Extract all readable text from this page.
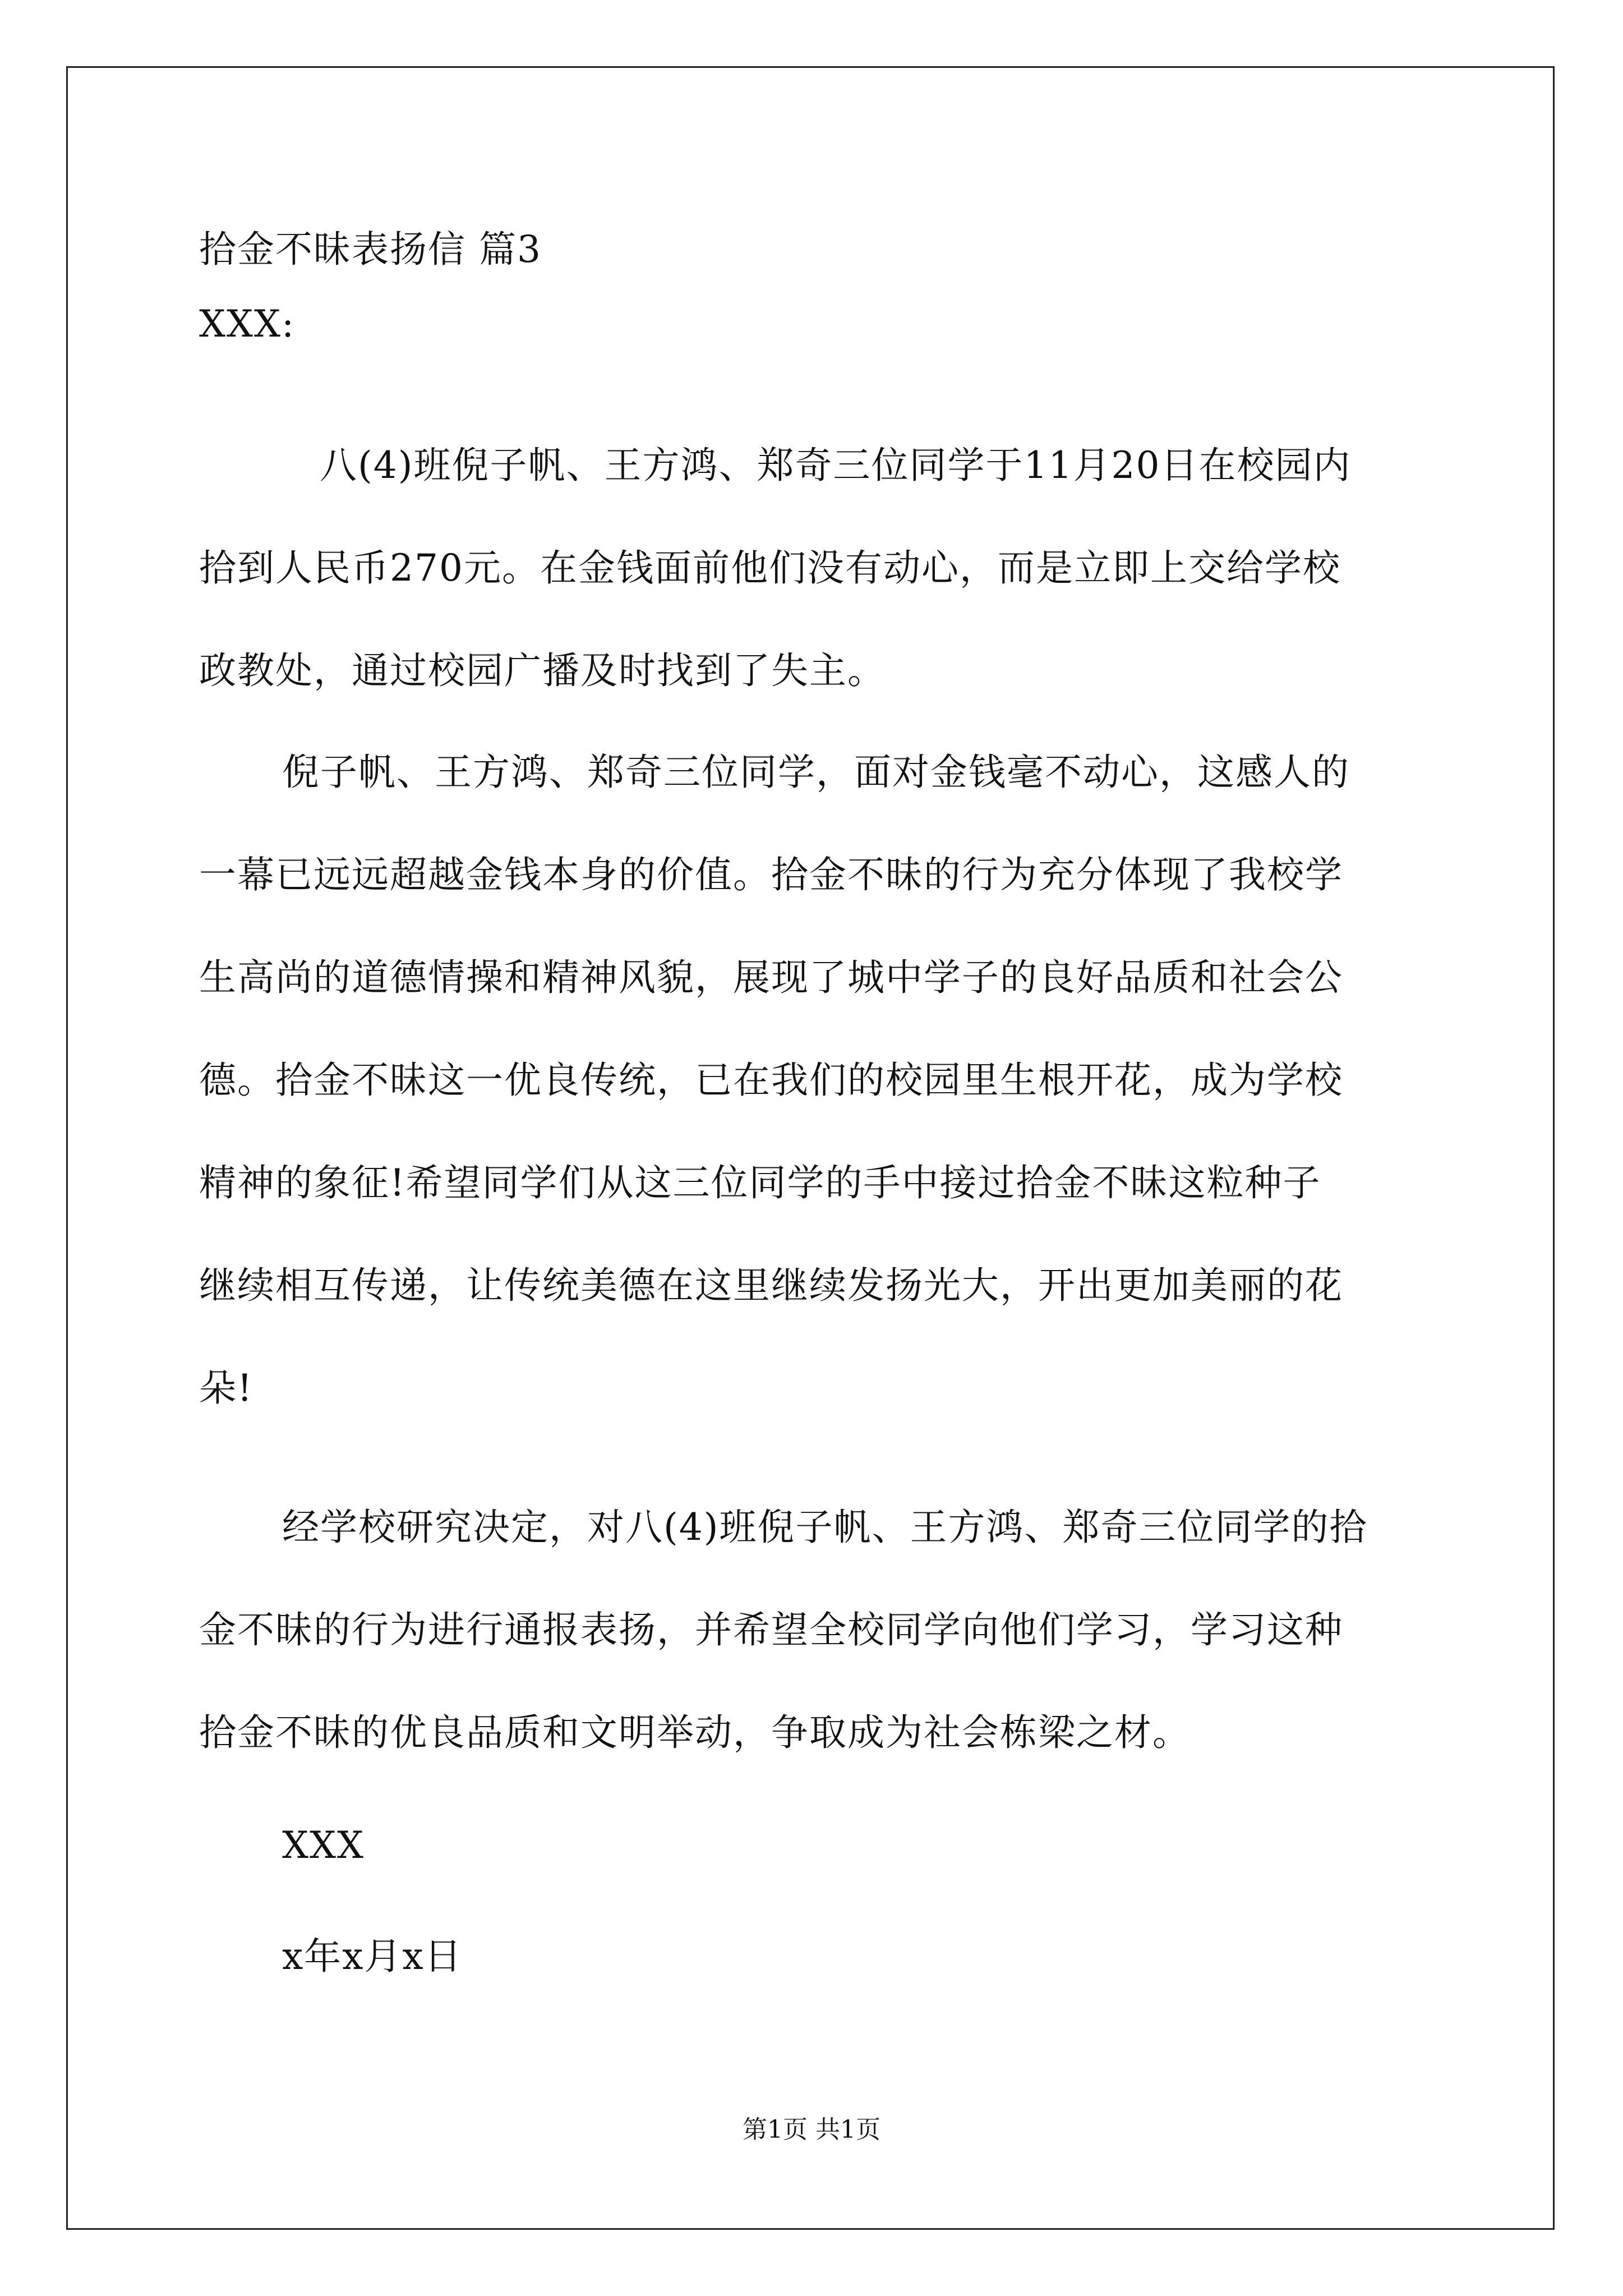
拾金不昧表扬信 篇3
XXX:
八(4)班倪子帆、王方鸿、郑奇三位同学于11月20日在校园内
拾到人民币270元。在金钱面前他们没有动心，而是立即上交给学校
政教处，通过校园广播及时找到了失主。
倪子帆、王方鸿、郑奇三位同学，面对金钱毫不动心，这感人的
一幕已远远超越金钱本身的价值。拾金不昧的行为充分体现了我校学
生高尚的道德情操和精神风貌，展现了城中学子的良好品质和社会公
德。拾金不昧这一优良传统，已在我们的校园里生根开花，成为学校
精神的象征!希望同学们从这三位同学的手中接过拾金不昧这粒种子
继续相互传递，让传统美德在这里继续发扬光大，开出更加美丽的花
朵!
经学校研究决定，对八(4)班倪子帆、王方鸿、郑奇三位同学的拾
金不昧的行为进行通报表扬，并希望全校同学向他们学习，学习这种
拾金不昧的优良品质和文明举动，争取成为社会栋梁之材。
XXX
x年x月x日
第1页 共1页
